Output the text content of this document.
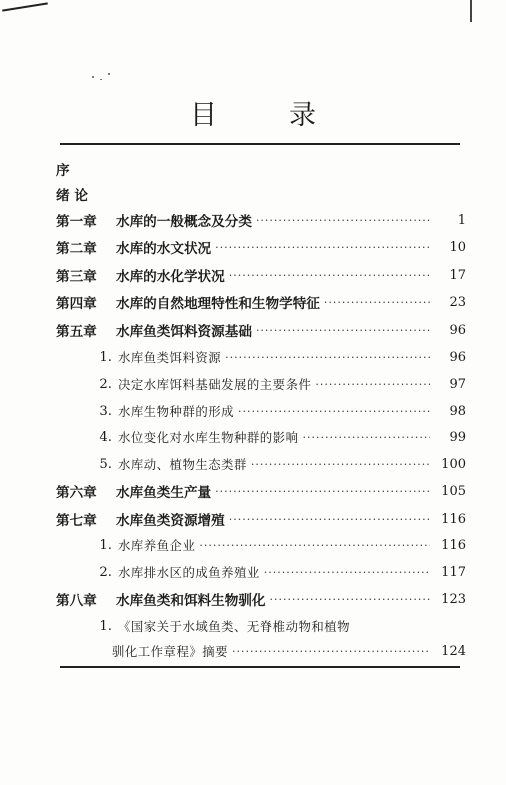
目录
序
绪 论
第一章	水库的一般概念及分类 ·····	1
第二章	水库的水文状况 ·····	10
第三章	水库的水化学状况 ·····	17
第四章	水库的自然地理特性和生物学特征 ·····	23
第五章	水库鱼类饵料资源基础 ·····	96
1. 水库鱼类饵料资源 ·····	96
2. 决定水库饵料基础发展的主要条件 ·····	97
3. 水库生物种群的形成 ·····	98
4. 水位变化对水库生物种群的影响 ·····	99
5. 水库动、植物生态类群 ·····	100
第六章	水库鱼类生产量 ·····	105
第七章	水库鱼类资源增殖 ·····	116
1. 水库养鱼企业 ·····	116
2. 水库排水区的成鱼养殖业 ·····	117
第八章	水库鱼类和饵料生物驯化 ·····	123
1. 《国家关于水域鱼类、无脊椎动物和植物
驯化工作章程》摘要 ·····	124
